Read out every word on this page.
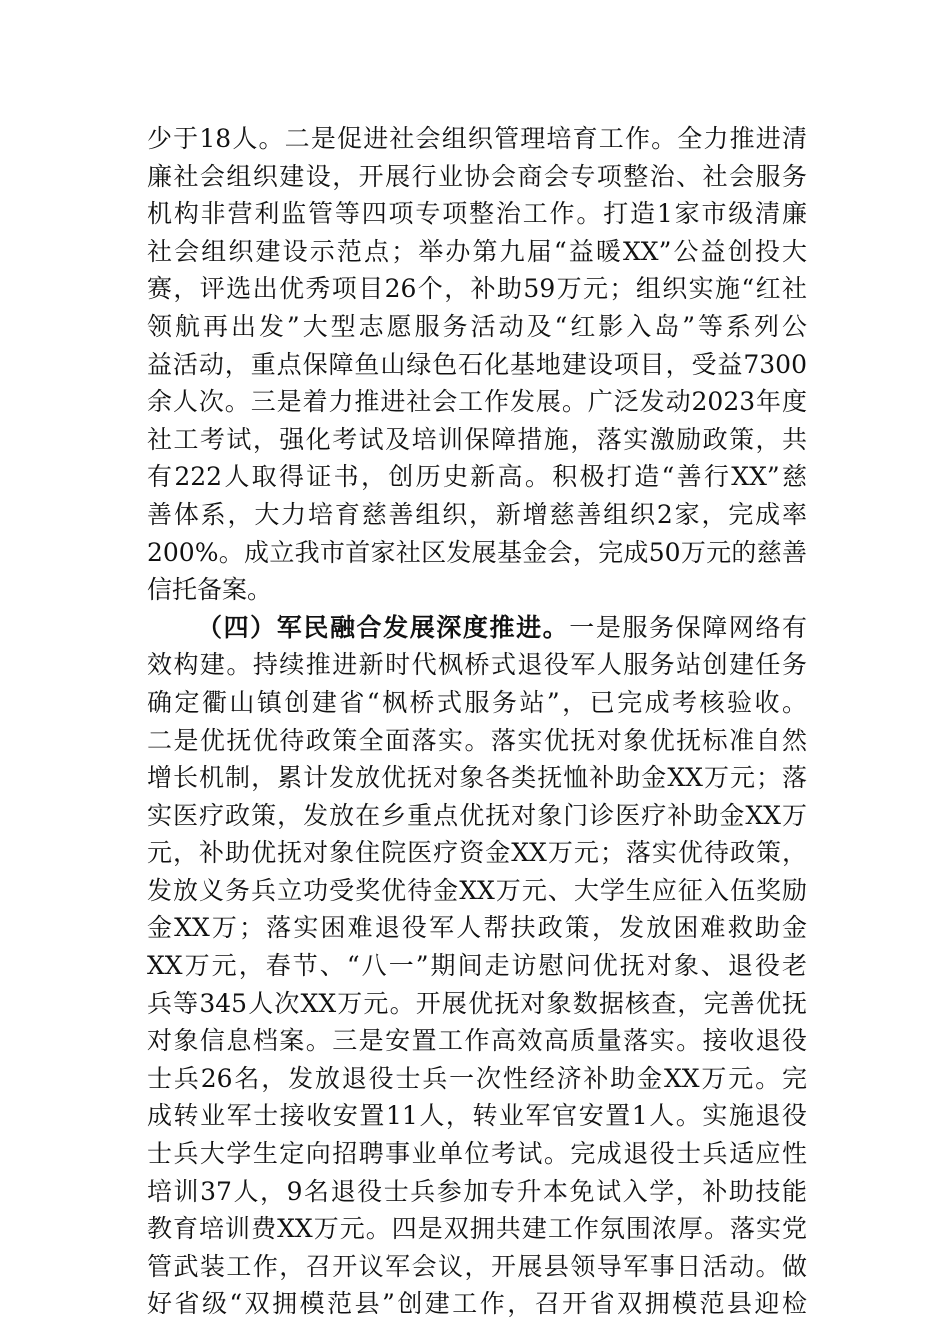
少于18人。二是促进社会组织管理培育工作。全力推进清
廉社会组织建设，开展行业协会商会专项整治、社会服务
机构非营利监管等四项专项整治工作。打造1家市级清廉
社会组织建设示范点；举办第九届“益暖XX”公益创投大
赛，评选出优秀项目26个，补助59万元；组织实施“红社
领航再出发”大型志愿服务活动及“红影入岛”等系列公
益活动，重点保障鱼山绿色石化基地建设项目，受益7300
余人次。三是着力推进社会工作发展。广泛发动2023年度
社工考试，强化考试及培训保障措施，落实激励政策，共
有222人取得证书，创历史新高。积极打造“善行XX”慈
善体系，大力培育慈善组织，新增慈善组织2家，完成率
200%。成立我市首家社区发展基金会，完成50万元的慈善
信托备案。
（四）军民融合发展深度推进。一是服务保障网络有
效构建。持续推进新时代枫桥式退役军人服务站创建任务
确定衢山镇创建省“枫桥式服务站”，已完成考核验收。
二是优抚优待政策全面落实。落实优抚对象优抚标准自然
增长机制，累计发放优抚对象各类抚恤补助金XX万元；落
实医疗政策，发放在乡重点优抚对象门诊医疗补助金XX万
元，补助优抚对象住院医疗资金XX万元；落实优待政策，
发放义务兵立功受奖优待金XX万元、大学生应征入伍奖励
金XX万；落实困难退役军人帮扶政策，发放困难救助金
XX万元，春节、“八一”期间走访慰问优抚对象、退役老
兵等345人次XX万元。开展优抚对象数据核查，完善优抚
对象信息档案。三是安置工作高效高质量落实。接收退役
士兵26名，发放退役士兵一次性经济补助金XX万元。完
成转业军士接收安置11人，转业军官安置1人。实施退役
士兵大学生定向招聘事业单位考试。完成退役士兵适应性
培训37人，9名退役士兵参加专升本免试入学，补助技能
教育培训费XX万元。四是双拥共建工作氛围浓厚。落实党
管武装工作，召开议军会议，开展县领导军事日活动。做
好省级“双拥模范县”创建工作，召开省双拥模范县迎检
